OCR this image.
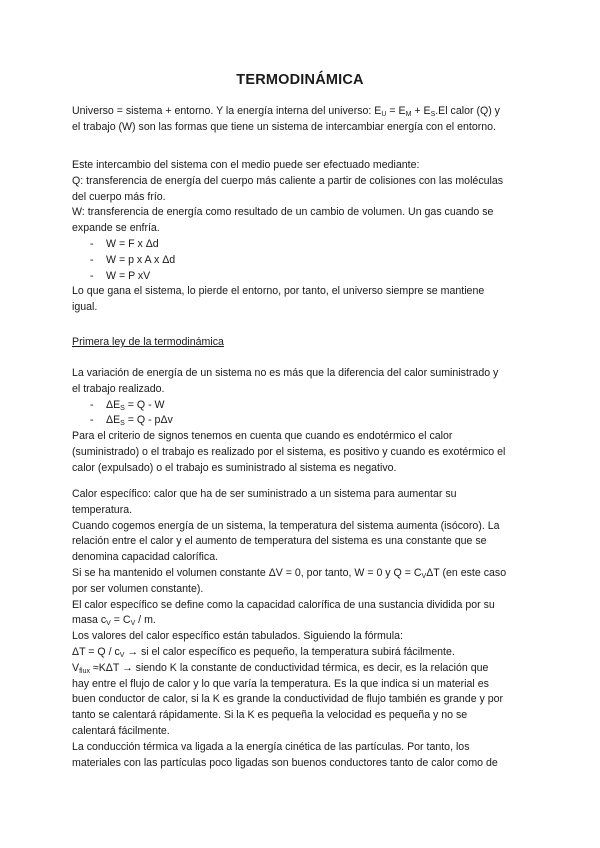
TERMODINÁMICA

Universo = sistema + entorno. Y la energía interna del universo: $E_U = E_M + E_S.El$ calor (Q) y

el trabajo (W) son las formas que tiene un sistema de intercambiar energía con el entorno.

Este intercambio del sistema con el medio puede ser efectuado mediante:

Q: transferencia de energía del cuerpo más caliente a partir de colisiones con las moléculas

del cuerpo más frío.

W: transferencia de energía como resultado de un cambio de volumen. Un gas cuando se

expande se enfría.

-	W = F x Δd
-	W = p x A x Δd
-	W = P xV

Lo que gana el sistema, lo pierde el entorno, por tanto, el universo siempre se mantiene

igual.

Primera ley de la termodinámica

La variación de energía de un sistema no es más que la diferencia del calor suministrado y

el trabajo realizado.

-	$\Delta E_S = Q - W$
-	$\Delta E_S = Q - p\Delta v$

Para el criterio de signos tenemos en cuenta que cuando es endotérmico el calor

(suministrado) o el trabajo es realizado por el sistema, es positivo y cuando es exotérmico el

calor (expulsado) o el trabajo es suministrado al sistema es negativo.

Calor específico: calor que ha de ser suministrado a un sistema para aumentar su

temperatura.

Cuando cogemos energía de un sistema, la temperatura del sistema aumenta (isócoro). La

relación entre el calor y el aumento de temperatura del sistema es una constante que se

denomina capacidad calorífica.

Si se ha mantenido el volumen constante ΔV = 0, por tanto, W = 0 y $Q = C_V\Delta T$ (en este caso

por ser volumen constante).

El calor específico se define como la capacidad calorífica de una sustancia dividida por su

masa $c_V = C_V / m$.

Los valores del calor específico están tabulados. Siguiendo la fórmula:

$\Delta T = Q / c_V$ → si el calor específico es pequeño, la temperatura subirá fácilmente.

$V_{flux} \approx K\Delta T$ → siendo K la constante de conductividad térmica, es decir, es la relación que

hay entre el flujo de calor y lo que varía la temperatura. Es la que indica si un material es

buen conductor de calor, si la K es grande la conductividad de flujo también es grande y por

tanto se calentará rápidamente. Si la K es pequeña la velocidad es pequeña y no se

calentará fácilmente.

La conducción térmica va ligada a la energía cinética de las partículas. Por tanto, los

materiales con las partículas poco ligadas son buenos conductores tanto de calor como de
